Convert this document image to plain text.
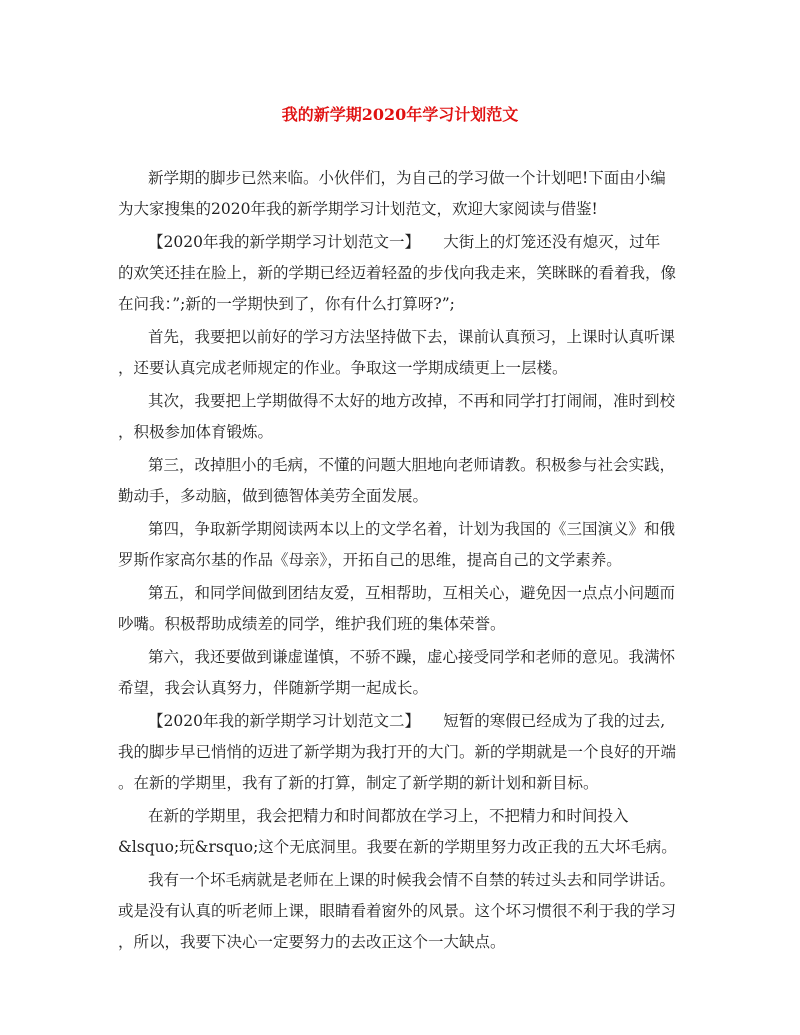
我的新学期2020年学习计划范文
新学期的脚步已然来临。小伙伴们，为自己的学习做一个计划吧!下面由小编
为大家搜集的2020年我的新学期学习计划范文，欢迎大家阅读与借鉴!
【2020年我的新学期学习计划范文一】　　大街上的灯笼还没有熄灭，过年
的欢笑还挂在脸上，新的学期已经迈着轻盈的步伐向我走来，笑眯眯的看着我，像
在问我：”;新的一学期快到了，你有什么打算呀?”;
首先，我要把以前好的学习方法坚持做下去，课前认真预习，上课时认真听课
，还要认真完成老师规定的作业。争取这一学期成绩更上一层楼。
其次，我要把上学期做得不太好的地方改掉，不再和同学打打闹闹，准时到校
，积极参加体育锻炼。
第三，改掉胆小的毛病，不懂的问题大胆地向老师请教。积极参与社会实践，
勤动手，多动脑，做到德智体美劳全面发展。
第四，争取新学期阅读两本以上的文学名着，计划为我国的《三国演义》和俄
罗斯作家高尔基的作品《母亲》，开拓自己的思维，提高自己的文学素养。
第五，和同学间做到团结友爱，互相帮助，互相关心，避免因一点点小问题而
吵嘴。积极帮助成绩差的同学，维护我们班的集体荣誉。
第六，我还要做到谦虚谨慎，不骄不躁，虚心接受同学和老师的意见。我满怀
希望，我会认真努力，伴随新学期一起成长。
【2020年我的新学期学习计划范文二】　　短暂的寒假已经成为了我的过去,
我的脚步早已悄悄的迈进了新学期为我打开的大门。新的学期就是一个良好的开端
。在新的学期里，我有了新的打算，制定了新学期的新计划和新目标。
在新的学期里，我会把精力和时间都放在学习上，不把精力和时间投入
&lsquo;玩&rsquo;这个无底洞里。我要在新的学期里努力改正我的五大坏毛病。
我有一个坏毛病就是老师在上课的时候我会情不自禁的转过头去和同学讲话。
或是没有认真的听老师上课，眼睛看着窗外的风景。这个坏习惯很不利于我的学习
，所以，我要下决心一定要努力的去改正这个一大缺点。
